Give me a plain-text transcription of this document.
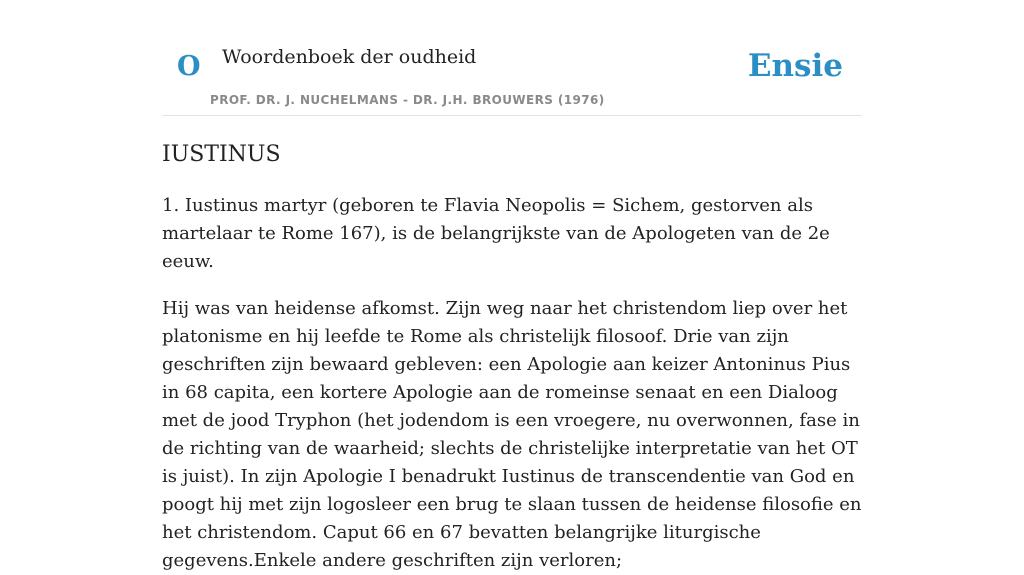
O Woordenboek der oudheid
PROF. DR. J. NUCHELMANS - DR. J.H. BROUWERS (1976)
Ensie
IUSTINUS

1. Iustinus martyr (geboren te Flavia Neopolis = Sichem, gestorven als martelaar te Rome 167), is de belangrijkste van de Apologeten van de 2e eeuw.

Hij was van heidense afkomst. Zijn weg naar het christendom liep over het platonisme en hij leefde te Rome als christelijk filosoof. Drie van zijn geschriften zijn bewaard gebleven: een Apologie aan keizer Antoninus Pius in 68 capita, een kortere Apologie aan de romeinse senaat en een Dialoog met de jood Tryphon (het jodendom is een vroegere, nu overwonnen, fase in de richting van de waarheid; slechts de christelijke interpretatie van het OT is juist). In zijn Apologie I benadrukt Iustinus de transcendentie van God en poogt hij met zijn logosleer een brug te slaan tussen de heidense filosofie en het christendom. Caput 66 en 67 bevatten belangrijke liturgische gegevens.Enkele andere geschriften zijn verloren;
